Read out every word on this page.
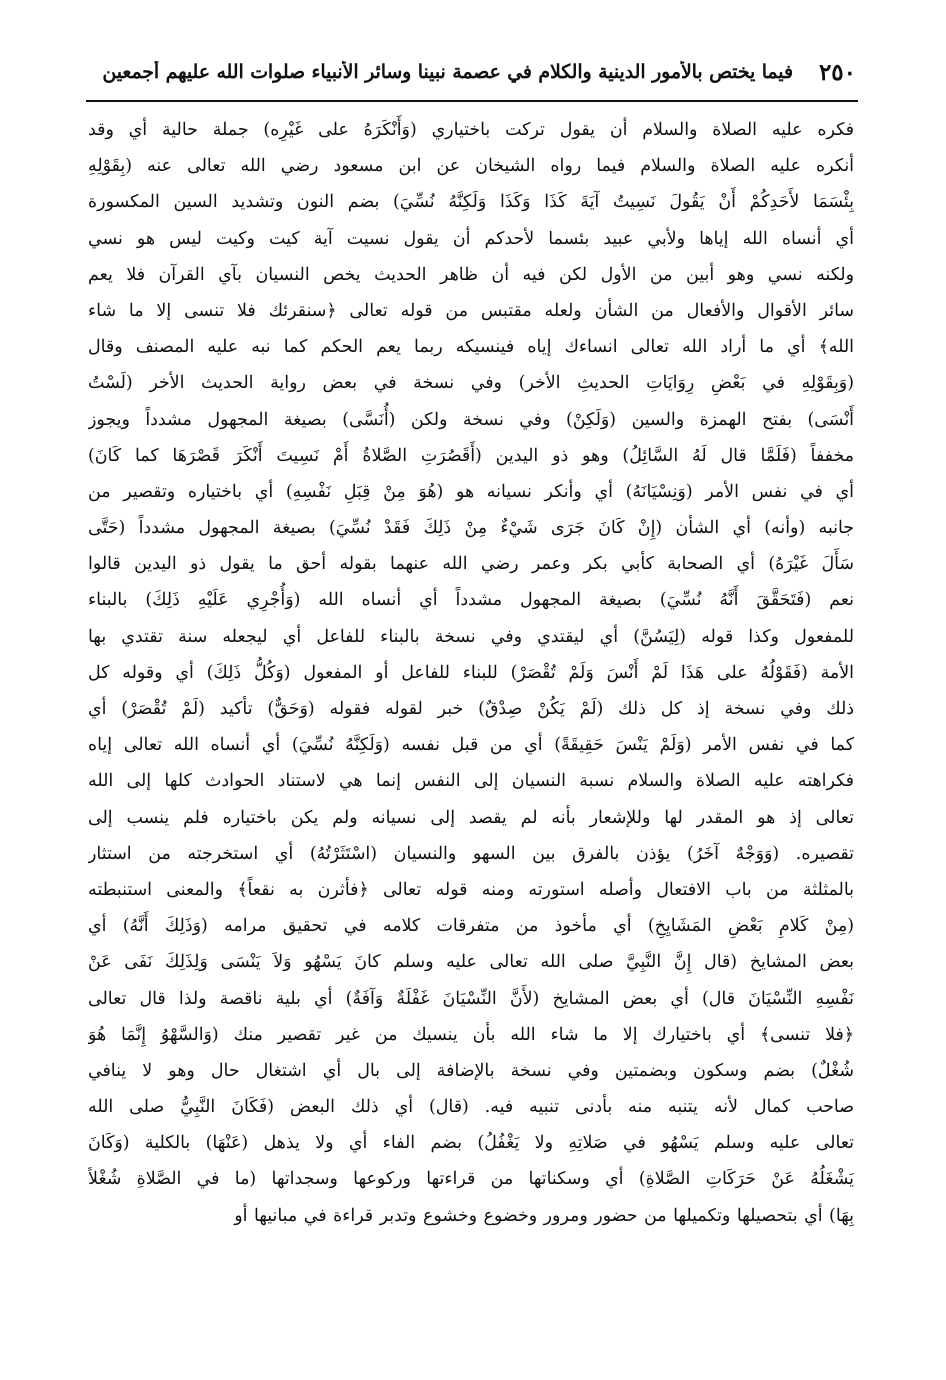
٢٥٠
فيما يختص بالأمور الدينية والكلام في عصمة نبينا وسائر الأنبياء صلوات الله عليهم أجمعين
فكره عليه الصلاة والسلام أن يقول تركت باختياري (وَأَنْكَرَهُ على غَيْرِه) جملة حالية أي وقد
أنكره عليه الصلاة والسلام فيما رواه الشيخان عن ابن مسعود رضي الله تعالى عنه (بِقَوْلِهِ
بِئْسَمَا لأَحَدِكُمْ أَنْ يَقُولَ نَسِيتُ آيَةَ كَذَا وَكَذَا وَلَكِنَّهُ نُسِّيَ) بضم النون وتشديد السين المكسورة
أي أنساه الله إياها ولأبي عبيد بئسما لأحدكم أن يقول نسيت آية كيت وكيت ليس هو نسي
ولكنه نسي وهو أبين من الأول لكن فيه أن ظاهر الحديث يخص النسيان بآي القرآن فلا يعم
سائر الأقوال والأفعال من الشأن ولعله مقتبس من قوله تعالى ﴿سنقرئك فلا تنسى إلا ما شاء
الله﴾ أي ما أراد الله تعالى انساءك إياه فينسيكه ربما يعم الحكم كما نبه عليه المصنف وقال
(وَبِقَوْلِهِ في بَعْضِ رِوَايَاتِ الحديثِ الأخر) وفي نسخة في بعض رواية الحديث الأخر (لَسْتُ
أَنْسَى) بفتح الهمزة والسين (وَلَكِنْ) وفي نسخة ولكن (أُنَسَّى) بصيغة المجهول مشدداً ويجوز
مخففاً (فَلَمَّا قال لَهُ السَّائِلُ) وهو ذو اليدين (أَقَصُرَتِ الصَّلاةُ أَمْ نَسِيتَ أَنْكَرَ قَصْرَهَا كما كَانَ)
أي في نفس الأمر (وَنِسْيَانَهُ) أي وأنكر نسيانه هو (هُوَ مِنْ قِبَلِ نَفْسِهِ) أي باختياره وتقصير من
جانبه (وأنه) أي الشأن (إِنْ كَانَ جَرَى شَيْءٌ مِنْ ذَلِكَ فَقَدْ نُسِّيَ) بصيغة المجهول مشدداً (حَتَّى
سَأَلَ غَيْرَهُ) أي الصحابة كأبي بكر وعمر رضي الله عنهما بقوله أحق ما يقول ذو اليدين قالوا
نعم (فَتَحَقَّقَ أَنَّهُ نُسِّيَ) بصيغة المجهول مشدداً أي أنساه الله (وَأُجْرِي عَلَيْهِ ذَلِكَ) بالبناء
للمفعول وكذا قوله (لِيَسُنَّ) أي ليقتدي وفي نسخة بالبناء للفاعل أي ليجعله سنة تقتدي بها
الأمة (فَقَوْلُهُ على هَذَا لَمْ أَنْسَ وَلَمْ تُقْصَرْ) للبناء للفاعل أو المفعول (وَكُلُّ ذَلِكَ) أي وقوله كل
ذلك وفي نسخة إذ كل ذلك (لَمْ يَكُنْ صِدْقٌ) خبر لقوله فقوله (وَحَقٌّ) تأكيد (لَمْ تُقْصَرْ) أي
كما في نفس الأمر (وَلَمْ يَنْسَ حَقِيقَةً) أي من قبل نفسه (وَلَكِنَّهُ نُسِّيَ) أي أنساه الله تعالى إياه
فكراهته عليه الصلاة والسلام نسبة النسيان إلى النفس إنما هي لاستناد الحوادث كلها إلى الله
تعالى إذ هو المقدر لها وللإشعار بأنه لم يقصد إلى نسيانه ولم يكن باختياره فلم ينسب إلى
تقصيره. (وَوَجْهٌ آخَرُ) يؤذن بالفرق بين السهو والنسيان (اسْتَثَرْتُهُ) أي استخرجته من استثار
بالمثلثة من باب الافتعال وأصله استورته ومنه قوله تعالى ﴿فأثرن به نقعاً﴾ والمعنى استنبطته
(مِنْ كَلامِ بَعْضِ المَشَايِخِ) أي مأخوذ من متفرقات كلامه في تحقيق مرامه (وَذَلِكَ أَنَّهُ) أي
بعض المشايخ (قال إِنَّ النَّبِيَّ صلى الله تعالى عليه وسلم كانَ يَسْهُو وَلاَ يَنْسَى وَلِذَلِكَ نَفَى عَنْ
نَفْسِهِ النِّسْيَانَ قال) أي بعض المشايخ (لأَنَّ النِّسْيَانَ غَفْلَةٌ وَآفَةٌ) أي بلية ناقصة ولذا قال تعالى
﴿فلا تنسى﴾ أي باختيارك إلا ما شاء الله بأن ينسيك من غير تقصير منك (وَالسَّهْوُ إِنَّمَا هُوَ
شُغْلٌ) بضم وسكون وبضمتين وفي نسخة بالإضافة إلى بال أي اشتغال حال وهو لا ينافي
صاحب كمال لأنه يتنبه منه بأدنى تنبيه فيه. (قال) أي ذلك البعض (فَكَانَ النَّبِيُّ صلى الله
تعالى عليه وسلم يَسْهُو في صَلاتِهِ ولا يَغْفُلُ) بضم الفاء أي ولا يذهل (عَنْهَا) بالكلية (وَكَانَ
يَشْغَلُهُ عَنْ حَرَكَاتِ الصَّلاةِ) أي وسكناتها من قراءتها وركوعها وسجداتها (ما في الصَّلاةِ شُغْلاً
بِهَا) أي بتحصيلها وتكميلها من حضور ومرور وخضوع وخشوع وتدبر قراءة في مبانيها أو
